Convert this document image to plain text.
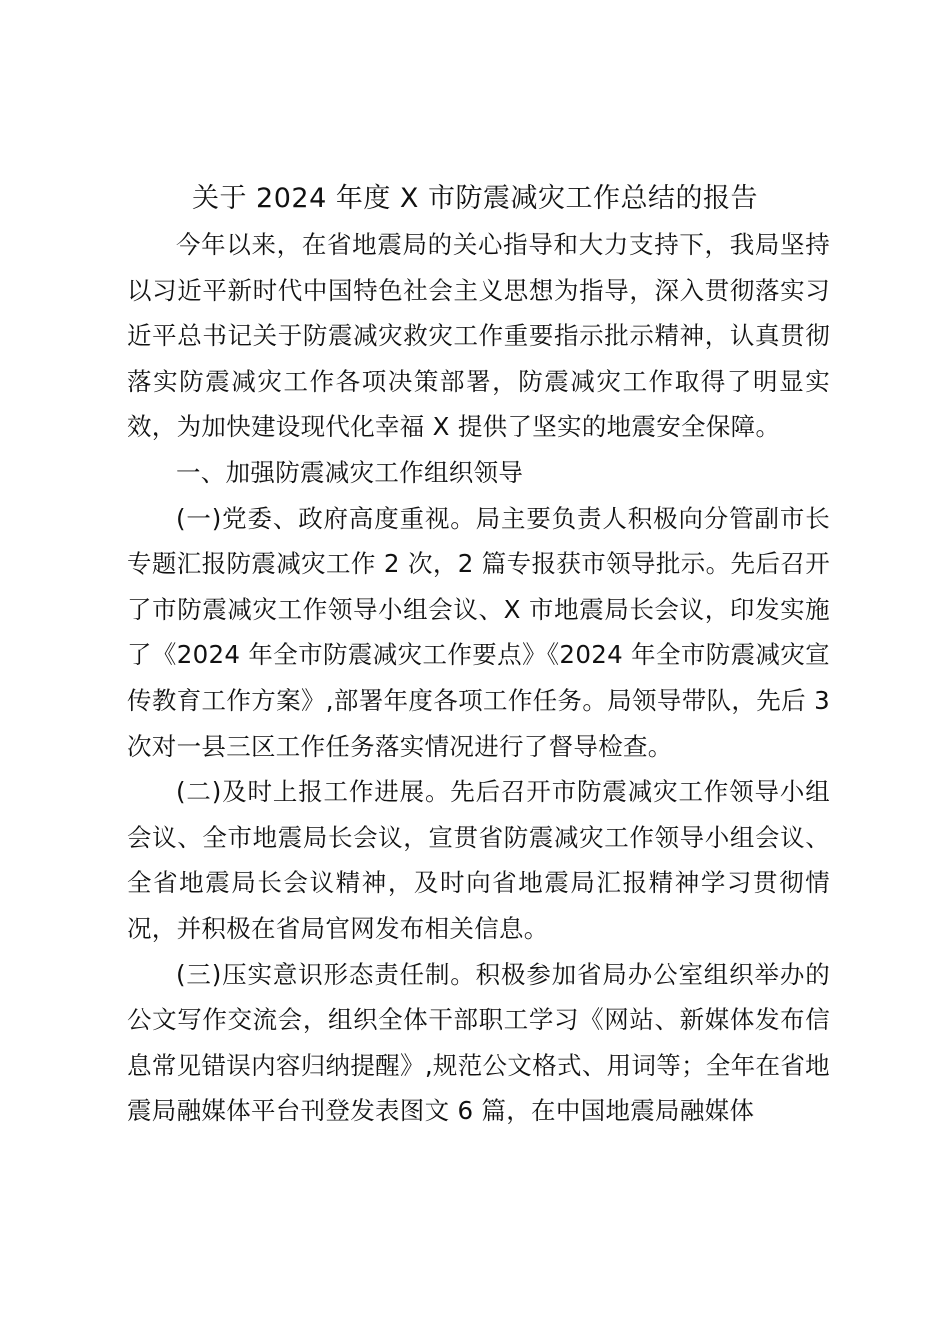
关于 2024 年度 X 市防震减灾工作总结的报告

今年以来，在省地震局的关心指导和大力支持下，我局坚持以习近平新时代中国特色社会主义思想为指导，深入贯彻落实习近平总书记关于防震减灾救灾工作重要指示批示精神，认真贯彻落实防震减灾工作各项决策部署，防震减灾工作取得了明显实效，为加快建设现代化幸福 X 提供了坚实的地震安全保障。

一、加强防震减灾工作组织领导

(一)党委、政府高度重视。局主要负责人积极向分管副市长专题汇报防震减灾工作 2 次，2 篇专报获市领导批示。先后召开了市防震减灾工作领导小组会议、X 市地震局长会议，印发实施了《2024 年全市防震减灾工作要点》《2024 年全市防震减灾宣传教育工作方案》,部署年度各项工作任务。局领导带队，先后 3 次对一县三区工作任务落实情况进行了督导检查。

(二)及时上报工作进展。先后召开市防震减灾工作领导小组会议、全市地震局长会议，宣贯省防震减灾工作领导小组会议、全省地震局长会议精神，及时向省地震局汇报精神学习贯彻情况，并积极在省局官网发布相关信息。

(三)压实意识形态责任制。积极参加省局办公室组织举办的公文写作交流会，组织全体干部职工学习《网站、新媒体发布信息常见错误内容归纳提醒》,规范公文格式、用词等；全年在省地震局融媒体平台刊登发表图文 6 篇，在中国地震局融媒体
